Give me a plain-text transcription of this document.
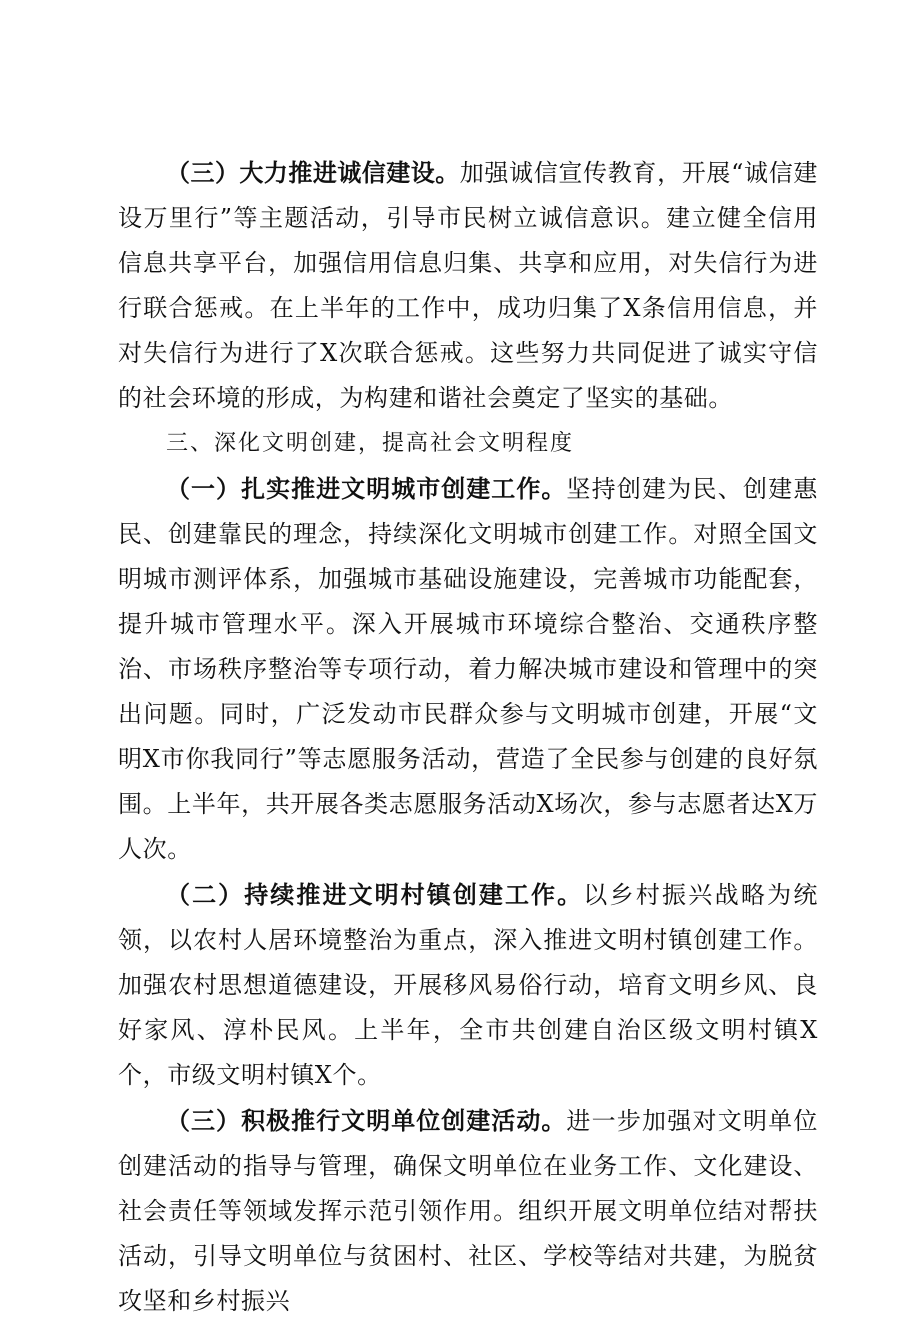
（三）大力推进诚信建设。加强诚信宣传教育，开展“诚信建设万里行”等主题活动，引导市民树立诚信意识。建立健全信用信息共享平台，加强信用信息归集、共享和应用，对失信行为进行联合惩戒。在上半年的工作中，成功归集了X条信用信息，并对失信行为进行了X次联合惩戒。这些努力共同促进了诚实守信的社会环境的形成，为构建和谐社会奠定了坚实的基础。

三、深化文明创建，提高社会文明程度

（一）扎实推进文明城市创建工作。坚持创建为民、创建惠民、创建靠民的理念，持续深化文明城市创建工作。对照全国文明城市测评体系，加强城市基础设施建设，完善城市功能配套，提升城市管理水平。深入开展城市环境综合整治、交通秩序整治、市场秩序整治等专项行动，着力解决城市建设和管理中的突出问题。同时，广泛发动市民群众参与文明城市创建，开展“文明X市你我同行”等志愿服务活动，营造了全民参与创建的良好氛围。上半年，共开展各类志愿服务活动X场次，参与志愿者达X万人次。

（二）持续推进文明村镇创建工作。以乡村振兴战略为统领，以农村人居环境整治为重点，深入推进文明村镇创建工作。加强农村思想道德建设，开展移风易俗行动，培育文明乡风、良好家风、淳朴民风。上半年，全市共创建自治区级文明村镇X个，市级文明村镇X个。

（三）积极推行文明单位创建活动。进一步加强对文明单位创建活动的指导与管理，确保文明单位在业务工作、文化建设、社会责任等领域发挥示范引领作用。组织开展文明单位结对帮扶活动，引导文明单位与贫困村、社区、学校等结对共建，为脱贫攻坚和乡村振兴
